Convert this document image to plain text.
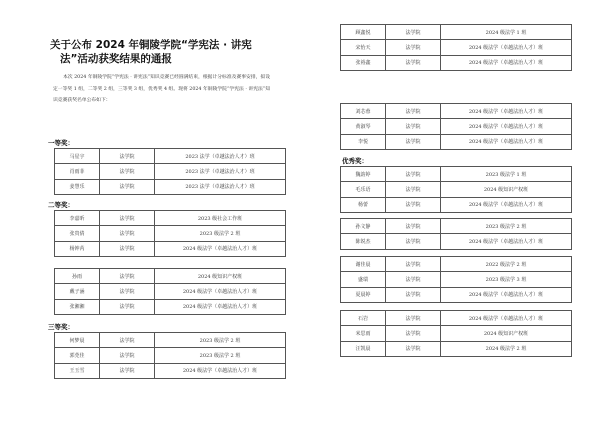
关于公布 2024 年铜陵学院“学宪法 · 讲宪
法”活动获奖结果的通报

本次 2024 年铜陵学院“学宪法 · 讲宪法”知识竞赛已经圆满结束，根据计分标准及赛事安排，拟设定一等奖 1 组，二等奖 2 组，三等奖 3 组，优秀奖 4 组。现将 2024 年铜陵学院“学宪法 · 讲宪法”知识竞赛获奖名单公布如下：

一等奖：
马星宇	法学院	2023 法学（卓越法治人才）班
肖雨菲	法学院	2023 法学（卓越法治人才）班
姜慧乐	法学院	2023 法学（卓越法治人才）班
二等奖：
李嘉昕	法学院	2023 级社会工作班
张贵倩	法学院	2023 级法学 2 班
杨钟芮	法学院	2024 级法学（卓越法治人才）班
孙雨	法学院	2024 级知识产权班
戴子涵	法学院	2024 级法学（卓越法治人才）班
张湘湘	法学院	2024 级法学（卓越法治人才）班
三等奖：
何梦晨	法学院	2023 级法学 2 班
郭莞佳	法学院	2023 级法学 2 班
王玉雪	法学院	2024 级法学（卓越法治人才）班
顾鑫悦	法学院	2024 级法学 1 班
宋怡天	法学院	2024 级法学（卓越法治人才）班
张裕鑫	法学院	2024 级法学（卓越法治人才）班
刘芯蓉	法学院	2024 级法学（卓越法治人才）班
黄淑琴	法学院	2024 级法学（卓越法治人才）班
李悦	法学院	2024 级法学（卓越法治人才）班
优秀奖：
魏韵婷	法学院	2023 级法学 1 班
毛乐语	法学院	2024 级知识产权班
杨蕾	法学院	2024 级法学（卓越法治人才）班
孙文静	法学院	2023 级法学 2 班
陈锐杰	法学院	2024 级法学（卓越法治人才）班
谢佳晨	法学院	2022 级法学 2 班
盛瑞	法学院	2023 级法学 3 班
夏晨婷	法学院	2024 级法学（卓越法治人才）班
石岩	法学院	2024 级法学（卓越法治人才）班
米思雨	法学院	2024 级知识产权班
汪凯晨	法学院	2024 级法学 2 班
